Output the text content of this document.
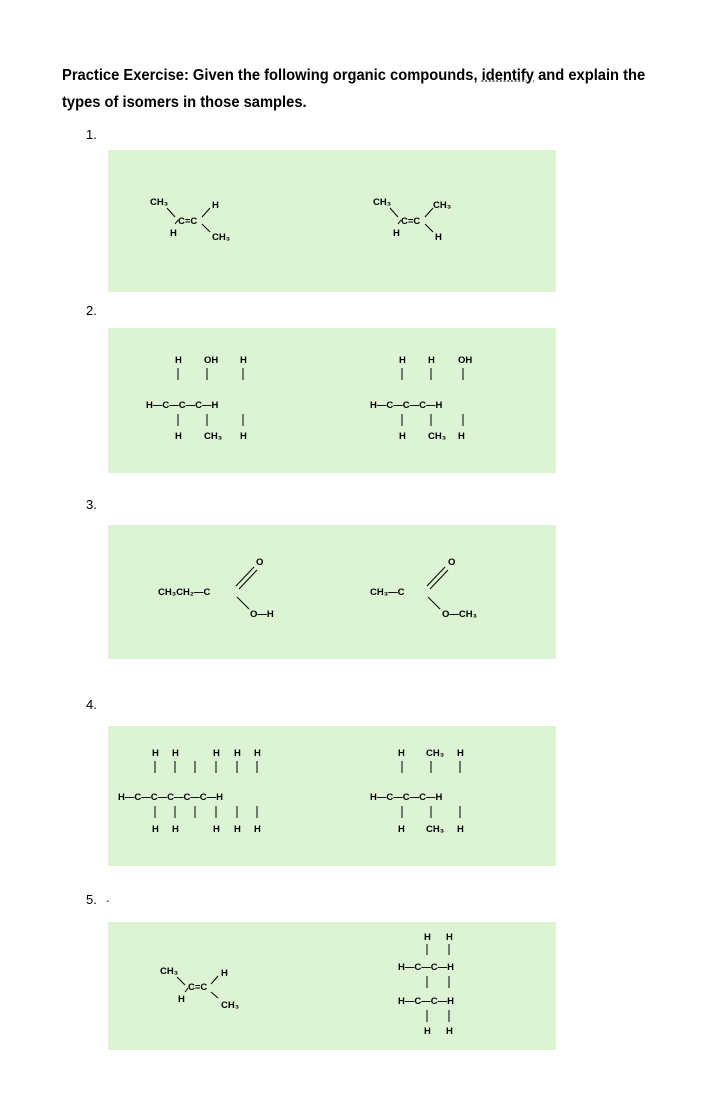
Practice Exercise: Given the following organic compounds, identify and explain the types of isomers in those samples.
1.
2.
3.
4.
5. .
CH₃
H
C=C
H
CH₃
CH₃
H
C=C
CH₃
H
H OH H
H—C—C—C—H
H CH₃ H
H H OH
H—C—C—C—H
H CH₃ H
CH₃CH₂—C
O
O—H
CH₃—C
O
O—CH₃
H H	H H H
H—C—C—C—C—C—H
H H	H H H
H CH₃ H
H—C—C—C—H
H CH₃ H
CH₃
H
C=C
H
CH₃
H H
H—C—C—H
H—C—C—H
H H
